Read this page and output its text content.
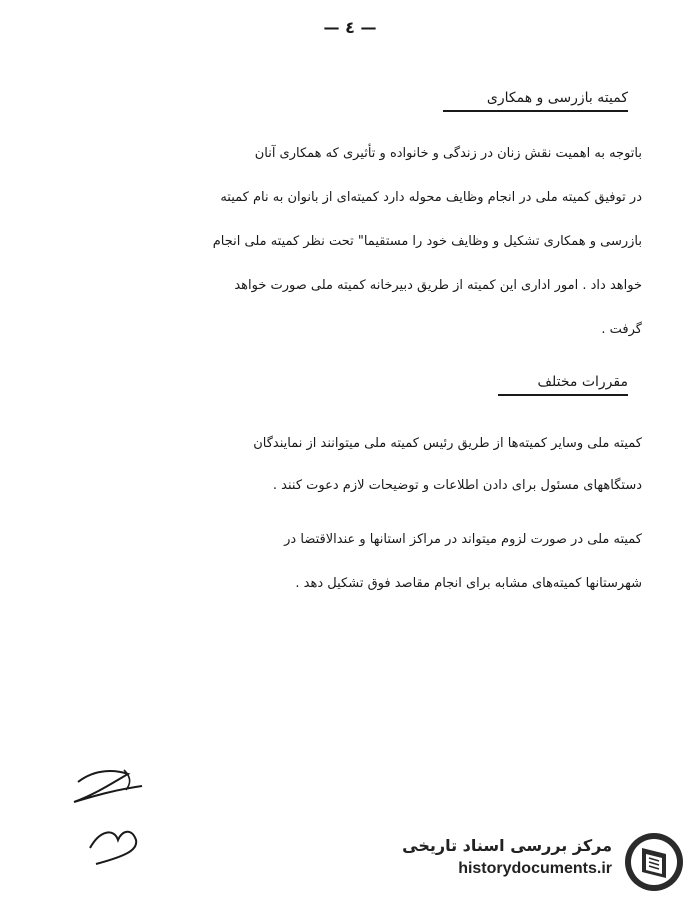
— ٤ —
کمیته بازرسی و همکاری
باتوجه به اهمیت نقش زنان در زندگی و خانواده و تأثیری که همکاری آنان
در توفیق کمیته ملی در انجام وظایف محوله دارد کمیته‌ای از بانوان به نام کمیته
بازرسی و همکاری تشکیل و وظایف خود را مستقیما" تحت نظر کمیته ملی انجام
خواهد داد . امور اداری این کمیته از طریق دبیرخانه کمیته ملی صورت خواهد
گرفت .
مقررات مختلف
کمیته ملی وسایر کمیته‌ها از طریق رئیس کمیته ملی میتوانند از نمایندگان
دستگاههای مسئول برای دادن اطلاعات و توضیحات لازم دعوت کنند .
کمیته ملی در صورت لزوم میتواند در مراکز استانها و عندالاقتضا در
شهرستانها کمیته‌های مشابه برای انجام مقاصد فوق تشکیل دهد .
مرکز بررسی اسناد تاریخی
historydocuments.ir
